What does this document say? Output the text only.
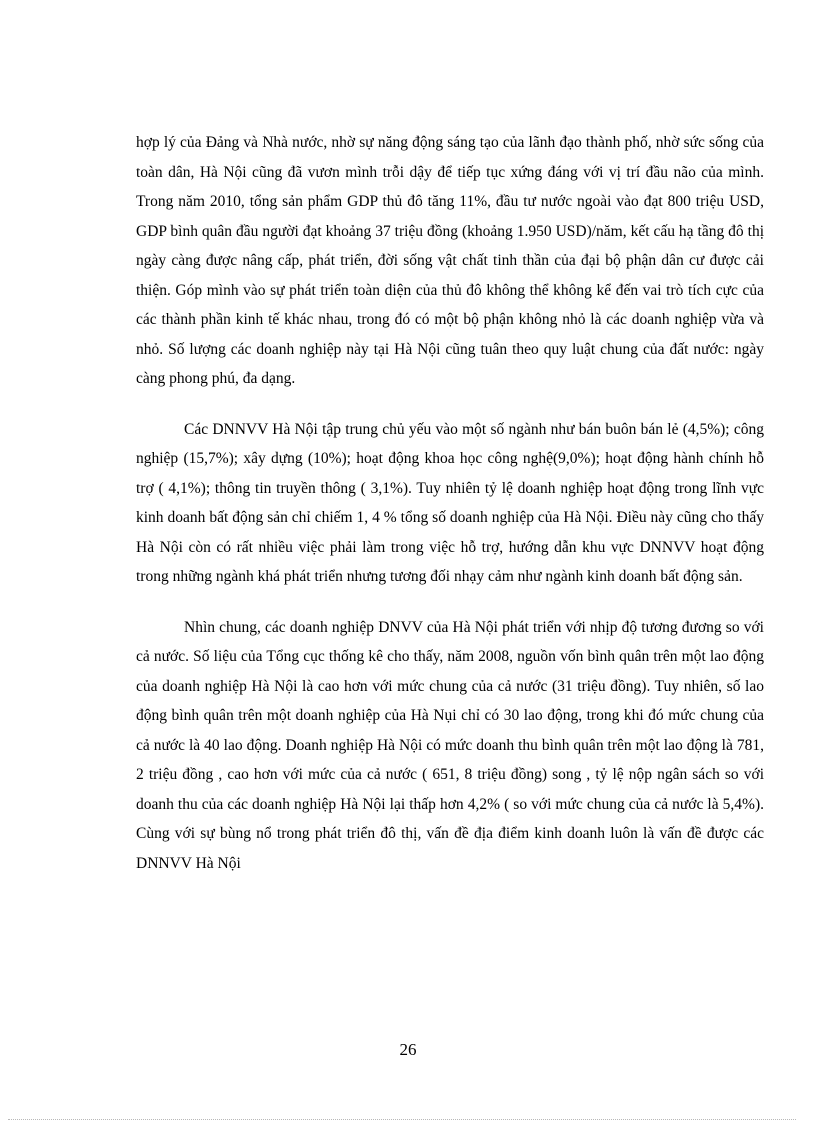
hợp lý của Đảng và Nhà nước, nhờ sự năng động sáng tạo của lãnh đạo thành phố, nhờ sức sống của toàn dân, Hà Nội cũng đã vươn mình trỗi dậy để tiếp tục xứng đáng với vị trí đầu não của mình. Trong năm 2010, tổng sản phẩm GDP thủ đô tăng 11%, đầu tư nước ngoài vào đạt 800 triệu USD, GDP bình quân đầu người đạt khoảng 37 triệu đồng (khoảng 1.950 USD)/năm, kết cấu hạ tầng đô thị ngày càng được nâng cấp, phát triển, đời sống vật chất tinh thần của đại bộ phận dân cư được cải thiện. Góp mình vào sự phát triển toàn diện của thủ đô không thể không kể đến vai trò tích cực của các thành phần kinh tế khác nhau, trong đó có một bộ phận không nhỏ là các doanh nghiệp vừa và nhỏ. Số lượng các doanh nghiệp này tại Hà Nội cũng tuân theo quy luật chung của đất nước: ngày càng phong phú, đa dạng.

Các DNNVV Hà Nội tập trung chủ yếu vào một số ngành như bán buôn bán lẻ (4,5%); công nghiệp (15,7%); xây dựng (10%); hoạt động khoa học công nghệ(9,0%); hoạt động hành chính hỗ trợ ( 4,1%); thông tin truyền thông ( 3,1%). Tuy nhiên tỷ lệ doanh nghiệp hoạt động trong lĩnh vực kinh doanh bất động sản chỉ chiếm 1, 4 % tổng số doanh nghiệp của Hà Nội. Điều này cũng cho thấy Hà Nội còn có rất nhiều việc phải làm trong việc hỗ trợ, hướng dẫn khu vực DNNVV hoạt động trong những ngành khá phát triển nhưng tương đối nhạy cảm như ngành kinh doanh bất động sản.

Nhìn chung, các doanh nghiệp DNVV của Hà Nội phát triển với nhịp độ tương đương so với cả nước. Số liệu của Tổng cục thống kê cho thấy, năm 2008, nguồn vốn bình quân trên một lao động của doanh nghiệp Hà Nội là cao hơn với mức chung của cả nước (31 triệu đồng). Tuy nhiên, số lao động bình quân trên một doanh nghiệp của Hà Nụi chỉ có 30 lao động, trong khi đó mức chung của cả nước là 40 lao động. Doanh nghiệp Hà Nội có mức doanh thu bình quân trên một lao động là 781, 2 triệu đồng , cao hơn với mức của cả nước ( 651, 8 triệu đồng) song , tỷ lệ nộp ngân sách so với doanh thu của các doanh nghiệp Hà Nội lại thấp hơn 4,2% ( so với mức chung của cả nước là 5,4%). Cùng với sự bùng nổ trong phát triển đô thị, vấn đề địa điểm kinh doanh luôn là vấn đề được các DNNVV Hà Nội

26
